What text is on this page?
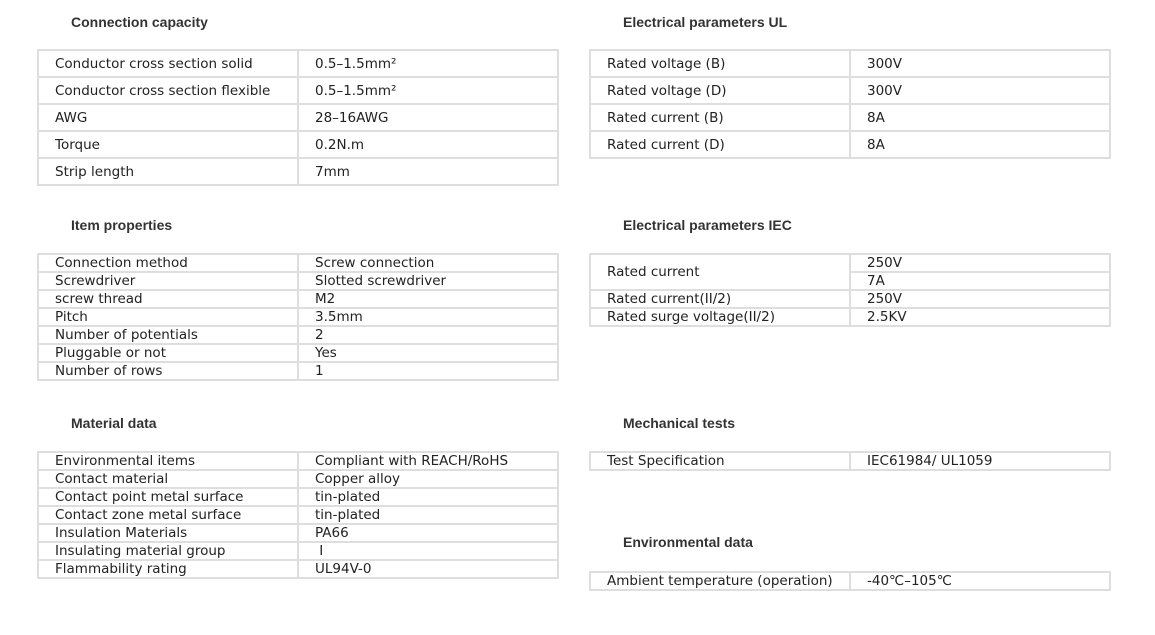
Connection capacity
Conductor cross section solid	0.5–1.5mm²
Conductor cross section flexible	0.5–1.5mm²
AWG	28–16AWG
Torque	0.2N.m
Strip length	7mm
Electrical parameters UL
Rated voltage (B)	300V
Rated voltage (D)	300V
Rated current (B)	8A
Rated current (D)	8A
Item properties
Connection method	Screw connection
Screwdriver	Slotted screwdriver
screw thread	M2
Pitch	3.5mm
Number of potentials	2
Pluggable or not	Yes
Number of rows	1
Electrical parameters IEC
Rated current	250V
	7A
Rated current(II/2)	250V
Rated surge voltage(II/2)	2.5KV
Material data
Environmental items	Compliant with REACH/RoHS
Contact material	Copper alloy
Contact point metal surface	tin-plated
Contact zone metal surface	tin-plated
Insulation Materials	PA66
Insulating material group	Ⅰ
Flammability rating	UL94V-0
Mechanical tests
Test Specification	IEC61984/ UL1059
Environmental data
Ambient temperature (operation)	-40℃–105℃
